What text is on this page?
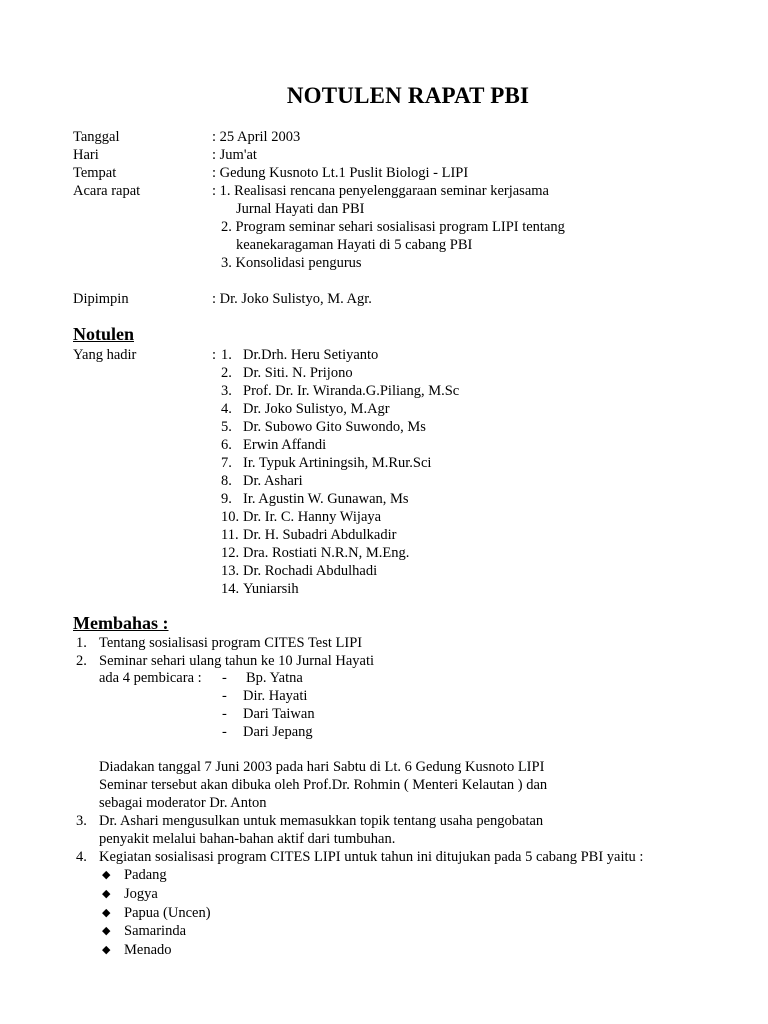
NOTULEN RAPAT PBI
Tanggal	: 25 April 2003
Hari	: Jum'at
Tempat	: Gedung Kusnoto Lt.1 Puslit Biologi - LIPI
Acara rapat	: 1. Realisasi rencana penyelenggaraan seminar kerjasama
Jurnal Hayati dan PBI
2. Program seminar sehari sosialisasi program LIPI tentang
keanekaragaman Hayati di 5 cabang PBI
3. Konsolidasi pengurus
Dipimpin	: Dr. Joko Sulistyo, M. Agr.
Notulen
Yang hadir	: 1. Dr.Drh. Heru Setiyanto
2. Dr. Siti. N. Prijono
3. Prof. Dr. Ir. Wiranda.G.Piliang, M.Sc
4. Dr. Joko Sulistyo, M.Agr
5. Dr. Subowo Gito Suwondo, Ms
6. Erwin Affandi
7. Ir. Typuk Artiningsih, M.Rur.Sci
8. Dr. Ashari
9. Ir. Agustin W. Gunawan, Ms
10. Dr. Ir. C. Hanny Wijaya
11. Dr. H. Subadri Abdulkadir
12. Dra. Rostiati N.R.N, M.Eng.
13. Dr. Rochadi Abdulhadi
14. Yuniarsih
Membahas :
1. Tentang sosialisasi program CITES Test LIPI
2. Seminar sehari ulang tahun ke 10 Jurnal Hayati
ada 4 pembicara : - Bp. Yatna
- Dir. Hayati
- Dari Taiwan
- Dari Jepang
Diadakan tanggal 7 Juni 2003 pada hari Sabtu di Lt. 6 Gedung Kusnoto LIPI
Seminar tersebut akan dibuka oleh Prof.Dr. Rohmin ( Menteri Kelautan ) dan
sebagai moderator Dr. Anton
3. Dr. Ashari mengusulkan untuk memasukkan topik tentang usaha pengobatan
penyakit melalui bahan-bahan aktif dari tumbuhan.
4. Kegiatan sosialisasi program CITES LIPI untuk tahun ini ditujukan pada 5 cabang PBI yaitu :
◆ Padang
◆ Jogya
◆ Papua (Uncen)
◆ Samarinda
◆ Menado
